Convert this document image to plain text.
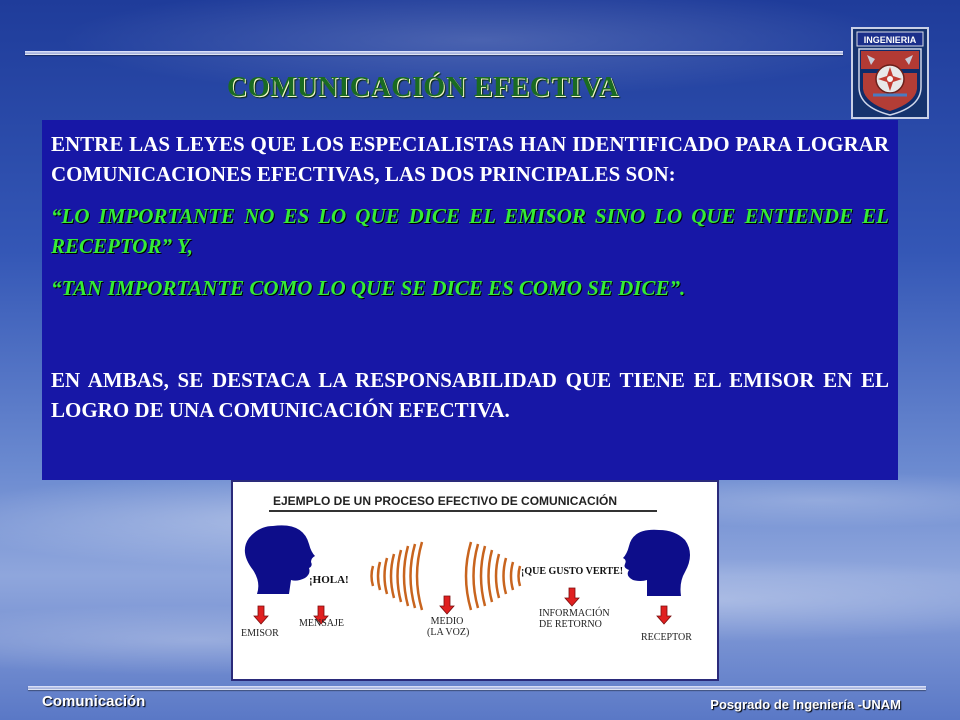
INGENIERIA
COMUNICACIÓN EFECTIVA

ENTRE LAS LEYES QUE LOS ESPECIALISTAS HAN IDENTIFICADO PARA LOGRAR COMUNICACIONES EFECTIVAS, LAS DOS PRINCIPALES SON:

“LO IMPORTANTE NO ES LO QUE DICE EL EMISOR SINO LO QUE ENTIENDE EL RECEPTOR” Y,

“TAN IMPORTANTE COMO LO QUE SE DICE ES COMO SE DICE”.

EN AMBAS, SE DESTACA LA RESPONSABILIDAD QUE TIENE EL EMISOR EN EL LOGRO DE UNA COMUNICACIÓN EFECTIVA.

EJEMPLO DE UN PROCESO EFECTIVO DE COMUNICACIÓN
¡HOLA!
¡QUE GUSTO VERTE!
EMISOR
MENSAJE	MEDIO
(LA VOZ)
INFORMACIÓN
DE RETORNO
RECEPTOR
Comunicación	Posgrado de Ingeniería -UNAM
